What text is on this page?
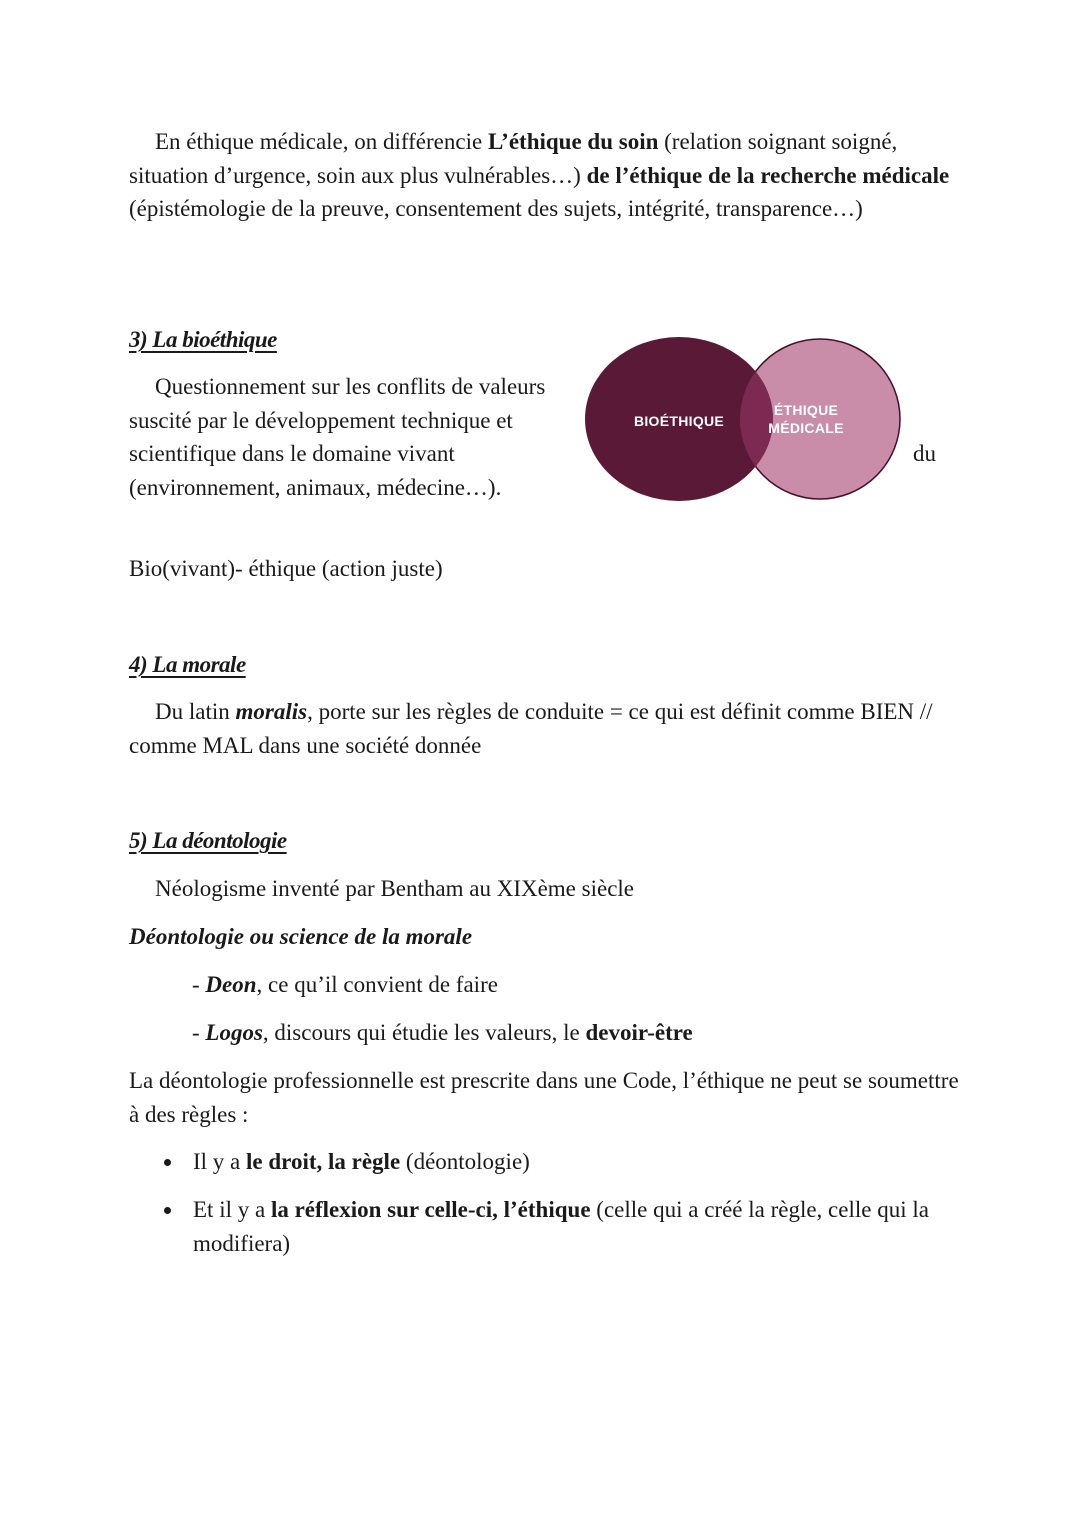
En éthique médicale, on différencie L’éthique du soin (relation soignant soigné, situation d’urgence, soin aux plus vulnérables…) de l’éthique de la recherche médicale (épistémologie de la preuve, consentement des sujets, intégrité, transparence…)

3) La bioéthique

Questionnement sur les conflits de valeurs suscité par le développement technique et scientifique dans le domaine vivant (environnement, animaux, médecine…).

du
BIOÉTHIQUE
ÉTHIQUE
MÉDICALE

Bio(vivant)- éthique (action juste)

4) La morale

Du latin moralis, porte sur les règles de conduite = ce qui est définit comme BIEN // comme MAL dans une société donnée

5) La déontologie

Néologisme inventé par Bentham au XIXème siècle

Déontologie ou science de la morale

- Deon, ce qu’il convient de faire
- Logos, discours qui étudie les valeurs, le devoir-être

La déontologie professionnelle est prescrite dans une Code, l’éthique ne peut se soumettre à des règles :

Il y a le droit, la règle (déontologie)
Et il y a la réflexion sur celle-ci, l’éthique (celle qui a créé la règle, celle qui la modifiera)
